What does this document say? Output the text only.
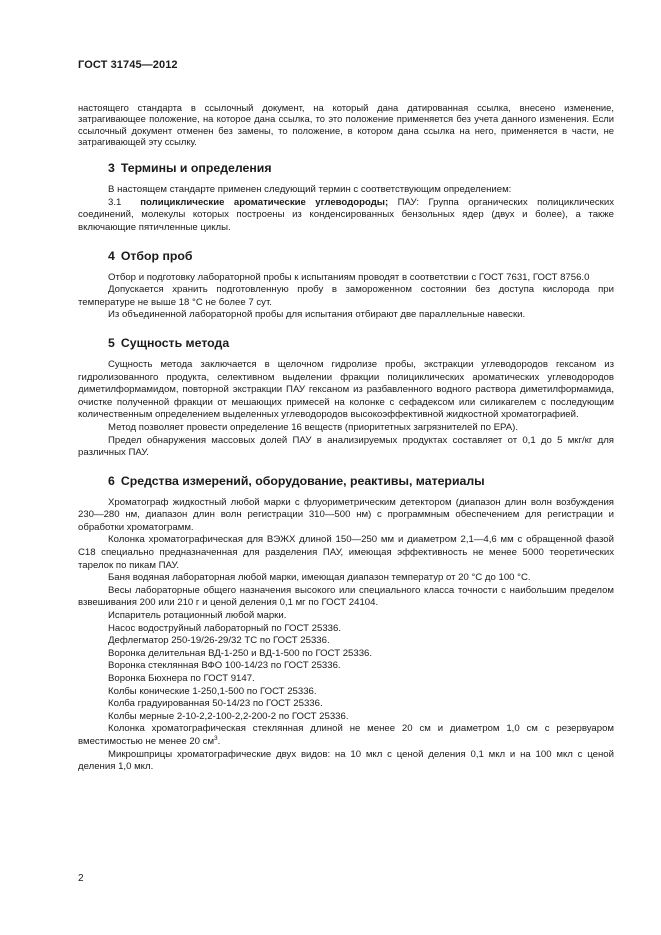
ГОСТ 31745—2012

настоящего стандарта в ссылочный документ, на который дана датированная ссылка, внесено изменение, затрагивающее положение, на которое дана ссылка, то это положение применяется без учета данного изменения. Если ссылочный документ отменен без замены, то положение, в котором дана ссылка на него, применяется в части, не затрагивающей эту ссылку.

3 Термины и определения

В настоящем стандарте применен следующий термин с соответствующим определением:

3.1 полициклические ароматические углеводороды; ПАУ: Группа органических полициклических соединений, молекулы которых построены из конденсированных бензольных ядер (двух и более), а также включающие пятичленные циклы.

4 Отбор проб

Отбор и подготовку лабораторной пробы к испытаниям проводят в соответствии с ГОСТ 7631, ГОСТ 8756.0

Допускается хранить подготовленную пробу в замороженном состоянии без доступа кислорода при температуре не выше 18 °С не более 7 сут.

Из объединенной лабораторной пробы для испытания отбирают две параллельные навески.

5 Сущность метода

Сущность метода заключается в щелочном гидролизе пробы, экстракции углеводородов гексаном из гидролизованного продукта, селективном выделении фракции полициклических ароматических углеводородов диметилформамидом, повторной экстракции ПАУ гексаном из разбавленного водного раствора диметилформамида, очистке полученной фракции от мешающих примесей на колонке с сефадексом или силикагелем с последующим количественным определением выделенных углеводородов высокоэффективной жидкостной хроматографией.

Метод позволяет провести определение 16 веществ (приоритетных загрязнителей по ЕРА).

Предел обнаружения массовых долей ПАУ в анализируемых продуктах составляет от 0,1 до 5 мкг/кг для различных ПАУ.

6 Средства измерений, оборудование, реактивы, материалы

Хроматограф жидкостный любой марки с флуориметрическим детектором (диапазон длин волн возбуждения 230—280 нм, диапазон длин волн регистрации 310—500 нм) с программным обеспечением для регистрации и обработки хроматограмм.

Колонка хроматографическая для ВЭЖХ длиной 150—250 мм и диаметром 2,1—4,6 мм с обращенной фазой С18 специально предназначенная для разделения ПАУ, имеющая эффективность не менее 5000 теоретических тарелок по пикам ПАУ.

Баня водяная лабораторная любой марки, имеющая диапазон температур от 20 °С до 100 °С.

Весы лабораторные общего назначения высокого или специального класса точности с наибольшим пределом взвешивания 200 или 210 г и ценой деления 0,1 мг по ГОСТ 24104.

Испаритель ротационный любой марки.

Насос водоструйный лабораторный по ГОСТ 25336.

Дефлегматор 250-19/26-29/32 ТС по ГОСТ 25336.

Воронка делительная ВД-1-250 и ВД-1-500 по ГОСТ 25336.

Воронка стеклянная ВФО 100-14/23 по ГОСТ 25336.

Воронка Бюхнера по ГОСТ 9147.

Колбы конические 1-250,1-500 по ГОСТ 25336.

Колба градуированная 50-14/23 по ГОСТ 25336.

Колбы мерные 2-10-2,2-100-2,2-200-2 по ГОСТ 25336.

Колонка хроматографическая стеклянная длиной не менее 20 см и диаметром 1,0 см с резервуаром вместимостью не менее 20 $см^3$.

Микрошприцы хроматографические двух видов: на 10 мкл с ценой деления 0,1 мкл и на 100 мкл с ценой деления 1,0 мкл.

2
